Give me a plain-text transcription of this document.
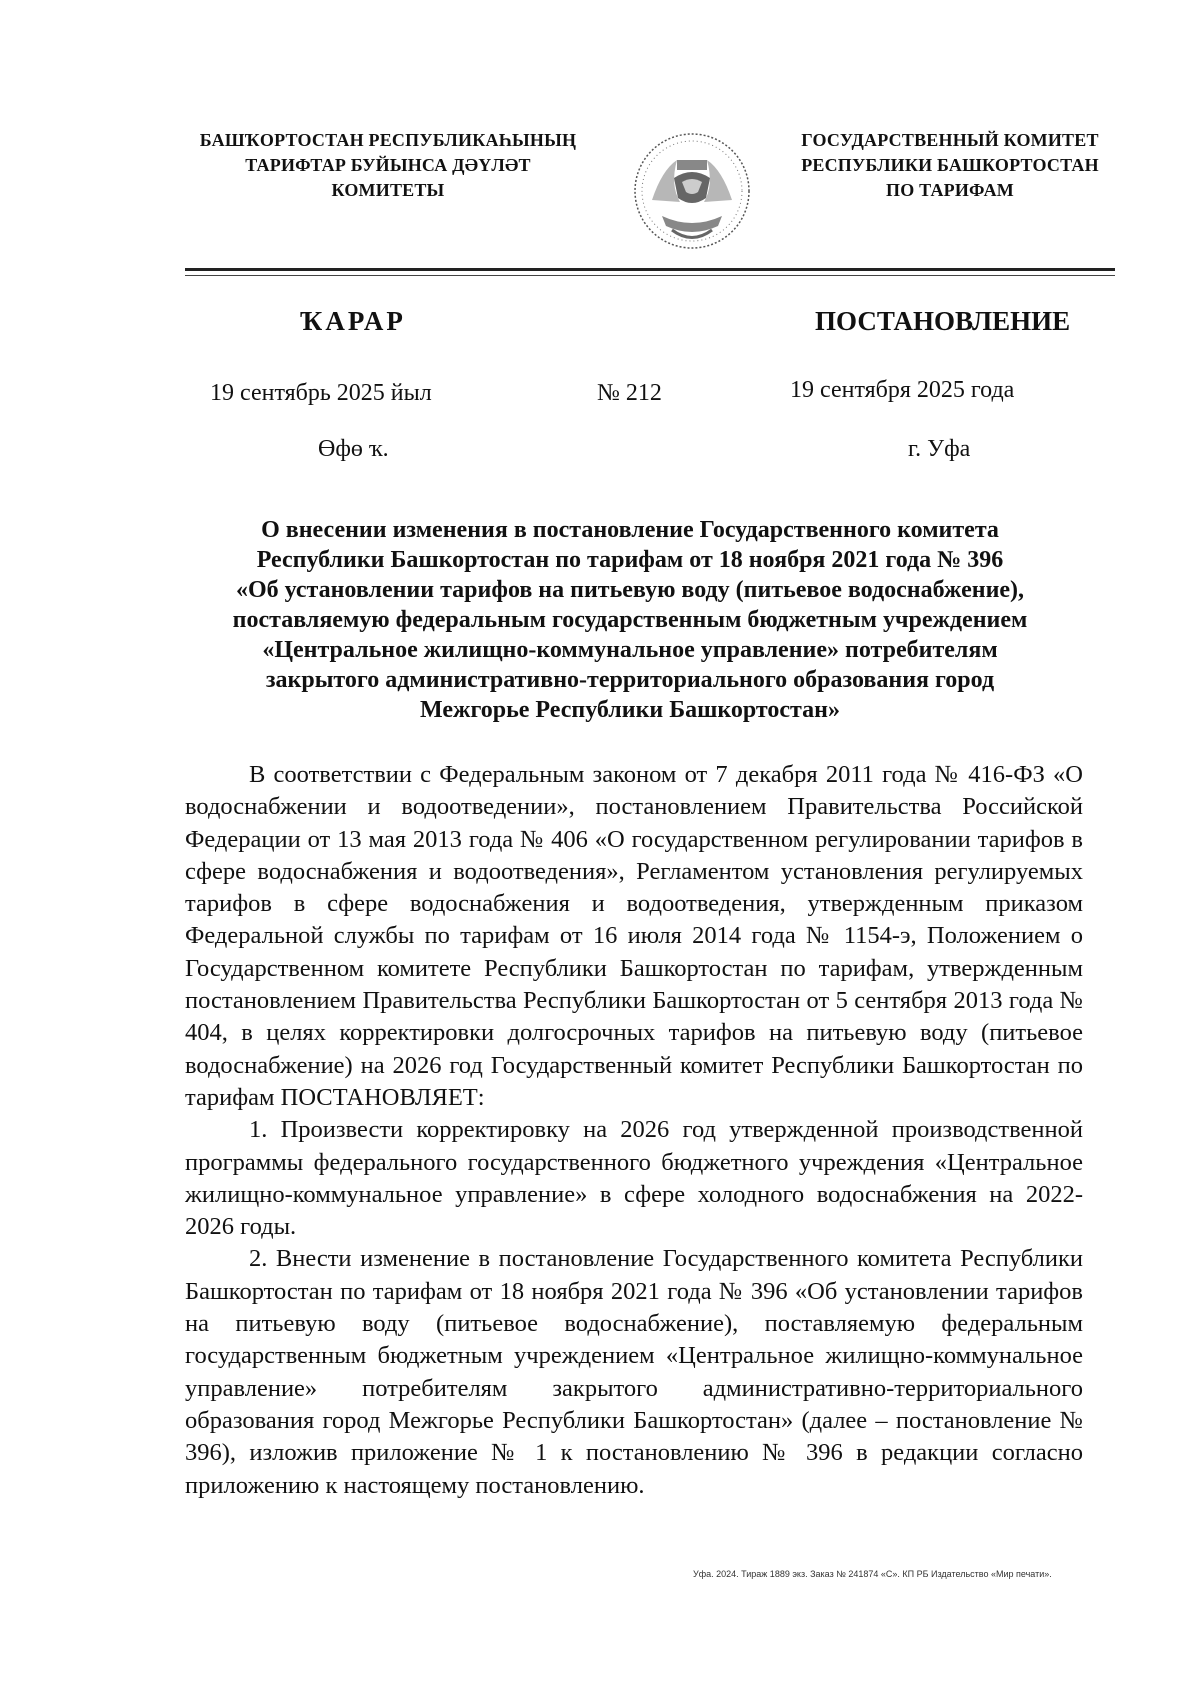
БАШҠОРТОСТАН РЕСПУБЛИКАҺЫНЫҢ
ТАРИФТАР БУЙЫНСА ДӘҮЛӘТ
КОМИТЕТЫ
ГОСУДАРСТВЕННЫЙ КОМИТЕТ
РЕСПУБЛИКИ БАШКОРТОСТАН
ПО ТАРИФАМ
ҠАРАР	ПОСТАНОВЛЕНИЕ
19 сентябрь 2025 йыл	№ 212	19 сентября 2025 года
Өфө ҡ.	г. Уфа
О внесении изменения в постановление Государственного комитета
Республики Башкортостан по тарифам от 18 ноября 2021 года № 396
«Об установлении тарифов на питьевую воду (питьевое водоснабжение),
поставляемую федеральным государственным бюджетным учреждением
«Центральное жилищно-коммунальное управление» потребителям
закрытого административно-территориального образования город
Межгорье Республики Башкортостан»

В соответствии с Федеральным законом от 7 декабря 2011 года № 416-ФЗ «О водоснабжении и водоотведении», постановлением Правительства Российской Федерации от 13 мая 2013 года № 406 «О государственном регулировании тарифов в сфере водоснабжения и водоотведения», Регламентом установления регулируемых тарифов в сфере водоснабжения и водоотведения, утвержденным приказом Федеральной службы по тарифам от 16 июля 2014 года № 1154-э, Положением о Государственном комитете Республики Башкортостан по тарифам, утвержденным постановлением Правительства Республики Башкортостан от 5 сентября 2013 года № 404, в целях корректировки долгосрочных тарифов на питьевую воду (питьевое водоснабжение) на 2026 год Государственный комитет Республики Башкортостан по тарифам ПОСТАНОВЛЯЕТ:

1. Произвести корректировку на 2026 год утвержденной производственной программы федерального государственного бюджетного учреждения «Центральное жилищно-коммунальное управление» в сфере холодного водоснабжения на 2022-2026 годы.

2. Внести изменение в постановление Государственного комитета Республики Башкортостан по тарифам от 18 ноября 2021 года № 396 «Об установлении тарифов на питьевую воду (питьевое водоснабжение), поставляемую федеральным государственным бюджетным учреждением «Центральное жилищно-коммунальное управление» потребителям закрытого административно-территориального образования город Межгорье Республики Башкортостан» (далее – постановление № 396), изложив приложение № 1 к постановлению № 396 в редакции согласно приложению к настоящему постановлению.

Уфа. 2024. Тираж 1889 экз. Заказ № 241874 «С». КП РБ Издательство «Мир печати».
